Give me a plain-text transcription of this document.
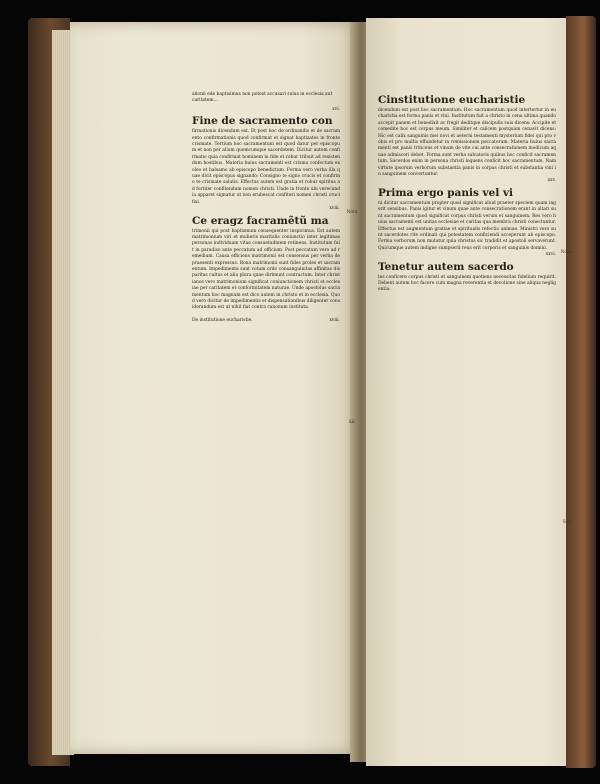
alionii ede baptisimus non potest accusari suius in ecclesia aut caritatem...
xvi.
Fine de sacramento con
firmationis dicendum est. Et post hoc de ordinandis et de sacramento confirmationis quod confirmat et signat baptizatos in fronte crismate. Tertium hoc sacramentum est quod datur per episcopum et non per alium quemcumque sacerdotem. Dicitur autem confirmatio quia confirmat hominem in fide et robur tribuit ad resistendum hostibus. Materia huius sacramenti est crisma confectum ex oleo et balsamo ab episcopo benedictum. Forma vero verba illa quae dicit episcopus signando: Consigno te signo crucis et confirmo te crismate salutis. Effectus autem est gratia et robur spiritus ad fortiter confitendum nomen christi. Unde in fronte ubi verecundia apparet signatur ut non erubescat confiteri nomen christi crucifixi.
xviii.
Ce eragz facramẽtũ ma
trimonii qui post baptismum consequenter inspicimus. Est autem matrimonium viri et mulieris maritalis coniunctio inter legitimas personas individuam vitae consuetudinem retinens. Institutum fuit in paradiso ante peccatum ad officium. Post peccatum vero ad remedium. Causa efficiens matrimonii est consensus per verba de praesenti expressus. Bona matrimonii sunt fides proles et sacramentum. Impedimenta sunt votum ordo consanguinitas affinitas disparitas cultus et alia plura quae dirimunt contractum. Inter christianos vero matrimonium significat coniunctionem christi et ecclesiae per caritatem et conformitatem naturae. Unde apostolus sacramentum hoc magnum est dico autem in christo et in ecclesia. Quod vero dicitur de impedimentis et dispensationibus diligenter considerandum est ut nihil fiat contra canonum instituta.
De institutione eucharistie.	xviii.
Cinstitutione eucharistie
dicendum est post hoc sacramentum. Hoc sacramentum quod intertertur in eucharistia est forma panis et vini. Institutum fuit a christo in cena ultima quando accepit panem et benedixit ac fregit deditque discipulis suis dicens: Accipite et comedite hoc est corpus meum. Similiter et calicem postquam cenavit dicens: Hic est calix sanguinis mei novi et aeterni testamenti mysterium fidei qui pro vobis et pro multis effundetur in remissionem peccatorum. Materia huius sacramenti est panis triticeus et vinum de vite cui ante consecrationem modicum aquae admisceri debet. Forma sunt verba salvatoris quibus hoc conficit sacramentum. Sacerdos enim in persona christi loquens conficit hoc sacramentum. Nam virtute ipsorum verborum substantia panis in corpus christi et substantia vini in sanguinem convertuntur.
xxv.
Prima ergo panis vel vi
ni dicitur sacramentum propter quod significat aliud praeter speciem quam ingerit sensibus. Panis igitur et vinum quae ante consecrationem erant in altari sunt sacramentum quod significat corpus christi verum et sanguinem. Res vero huius sacramenti est unitas ecclesiae et caritas qua membra christi conectuntur. Effectus est augmentum gratiae et spiritualis refectio animae. Ministri vero sunt sacerdotes rite ordinati qui potestatem conficiendi acceperunt ab episcopo. Forma verborum non mutatur quia christus sic tradidit et apostoli servaverunt. Quicumque autem indigne sumpserit reus erit corporis et sanguinis domini.
xxvi.
Tenetur autem sacerdo
tes conficere corpus christi et sanguinem quotiens necessitas fidelium requirit. Debent autem hoc facere cum magna reverentia et devotione sine aliqua negligentia.
Nota
Sic
Nota
Sic
